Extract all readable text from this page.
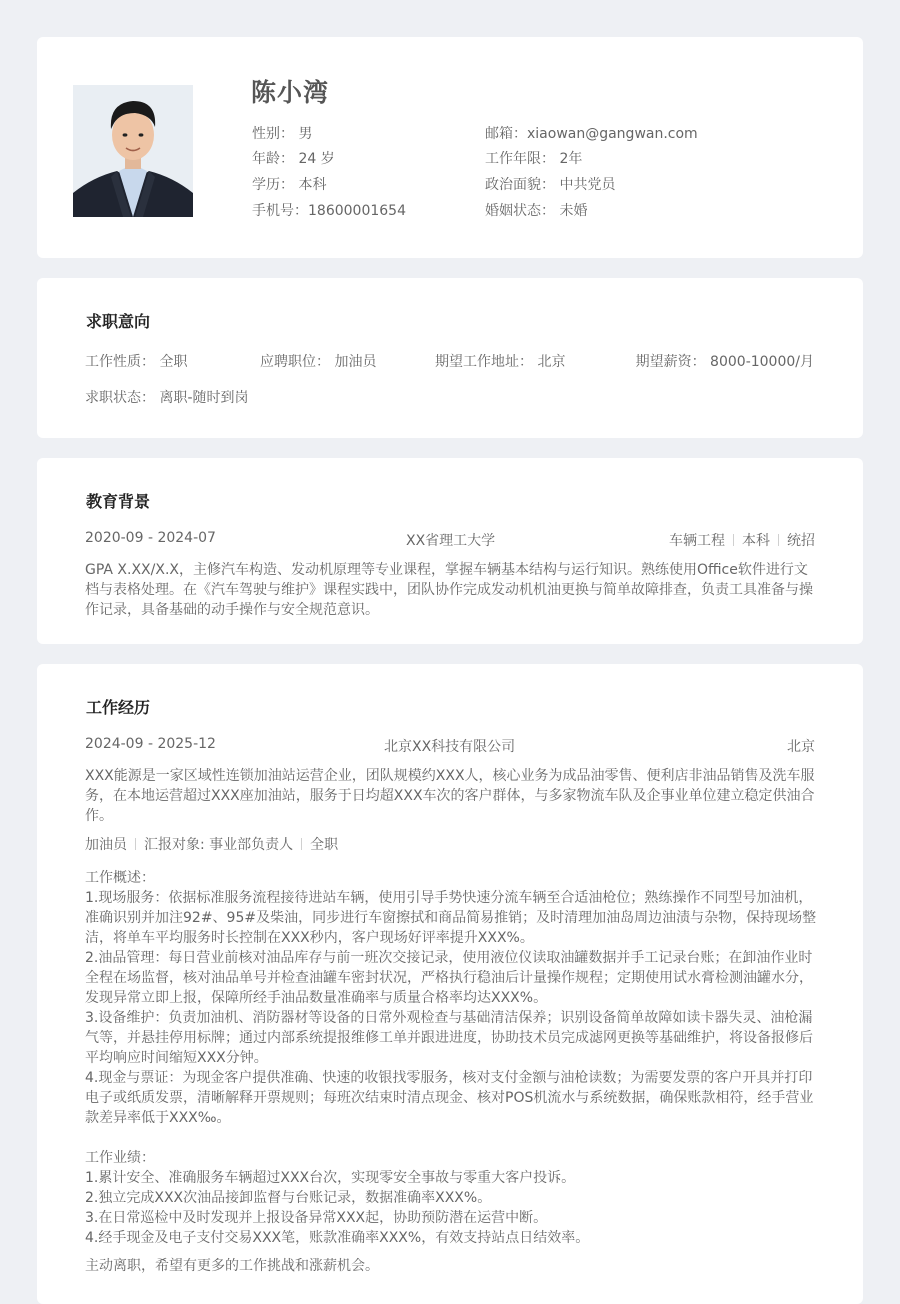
陈小湾
性别： 男
年龄： 24 岁
学历： 本科
手机号：18600001654
邮箱：xiaowan@gangwan.com
工作年限： 2年
政治面貌： 中共党员
婚姻状态： 未婚
求职意向
工作性质： 全职	应聘职位： 加油员	期望工作地址： 北京	期望薪资： 8000-10000/月
求职状态： 离职-随时到岗
教育背景
2020-09 - 2024-07	XX省理工大学	车辆工程 本科 统招

GPA X.XX/X.X，主修汽车构造、发动机原理等专业课程，掌握车辆基本结构与运行知识。熟练使用Office软件进行文档与表格处理。在《汽车驾驶与维护》课程实践中，团队协作完成发动机机油更换与简单故障排查，负责工具准备与操作记录，具备基础的动手操作与安全规范意识。

工作经历
2024-09 - 2025-12	北京XX科技有限公司	北京

XXX能源是一家区域性连锁加油站运营企业，团队规模约XXX人，核心业务为成品油零售、便利店非油品销售及洗车服务，在本地运营超过XXX座加油站，服务于日均超XXX车次的客户群体，与多家物流车队及企事业单位建立稳定供油合作。

加油员 汇报对象: 事业部负责人 全职
工作概述：
1.现场服务：依据标准服务流程接待进站车辆，使用引导手势快速分流车辆至合适油枪位；熟练操作不同型号加油机，准确识别并加注92#、95#及柴油，同步进行车窗擦拭和商品简易推销；及时清理加油岛周边油渍与杂物，保持现场整洁，将单车平均服务时长控制在XXX秒内，客户现场好评率提升XXX%。
2.油品管理：每日营业前核对油品库存与前一班次交接记录，使用液位仪读取油罐数据并手工记录台账；在卸油作业时全程在场监督，核对油品单号并检查油罐车密封状况，严格执行稳油后计量操作规程；定期使用试水膏检测油罐水分，发现异常立即上报，保障所经手油品数量准确率与质量合格率均达XXX%。
3.设备维护：负责加油机、消防器材等设备的日常外观检查与基础清洁保养；识别设备简单故障如读卡器失灵、油枪漏气等，并悬挂停用标牌；通过内部系统提报维修工单并跟进进度，协助技术员完成滤网更换等基础维护，将设备报修后平均响应时间缩短XXX分钟。
4.现金与票证：为现金客户提供准确、快速的收银找零服务，核对支付金额与油枪读数；为需要发票的客户开具并打印电子或纸质发票，清晰解释开票规则；每班次结束时清点现金、核对POS机流水与系统数据，确保账款相符，经手营业款差异率低于XXX‰。
工作业绩：
1.累计安全、准确服务车辆超过XXX台次，实现零安全事故与零重大客户投诉。
2.独立完成XXX次油品接卸监督与台账记录，数据准确率XXX%。
3.在日常巡检中及时发现并上报设备异常XXX起，协助预防潜在运营中断。
4.经手现金及电子支付交易XXX笔，账款准确率XXX%，有效支持站点日结效率。
主动离职，希望有更多的工作挑战和涨薪机会。
